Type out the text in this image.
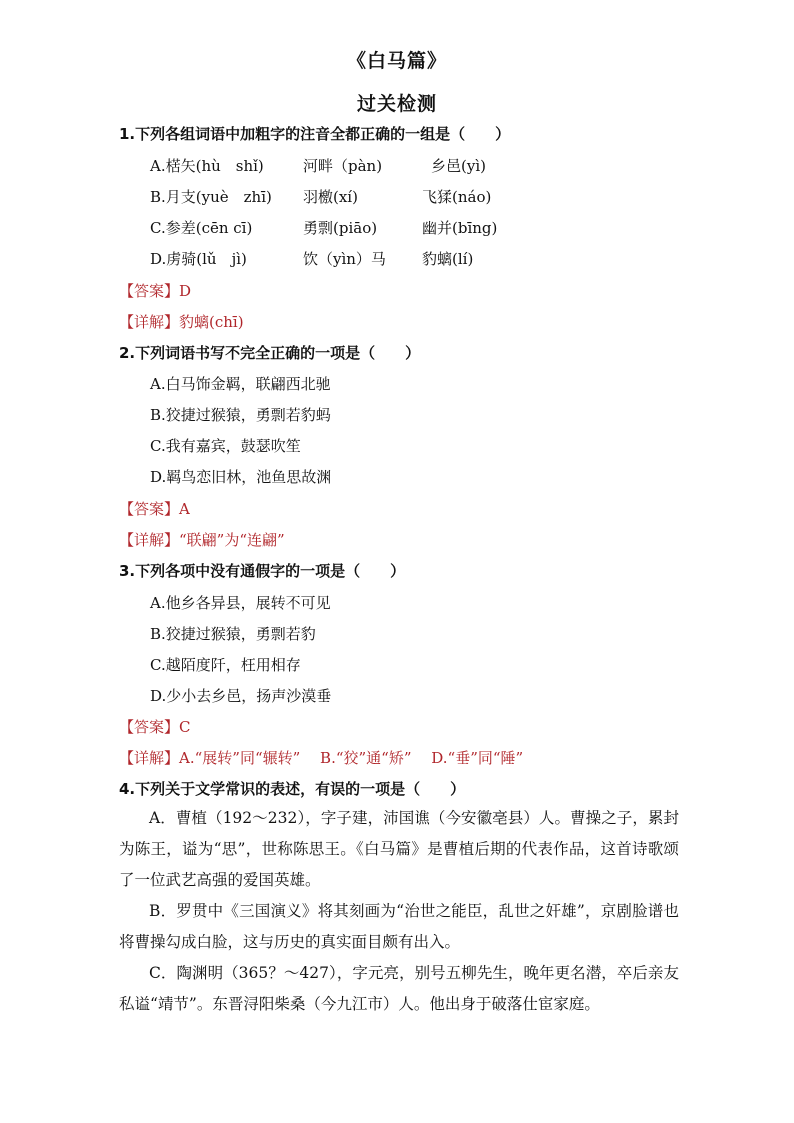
《白马篇》
过关检测
1.下列各组词语中加粗字的注音全都正确的一组是（　　）
A.楛矢(hù　shǐ)	河畔（pàn)	乡邑(yì)
B.月支(yuè　zhī) 羽檄(xí)	飞猱(náo)
C.参差(cēn cī)	勇剽(piāo)	幽并(bīng)
D.虏骑(lǔ　jì)	饮（yìn）马 豹螭(lí)
【答案】D
【详解】豹螭(chī)
2.下列词语书写不完全正确的一项是（　　）
A.白马饰金羁，联翩西北驰
B.狡捷过猴猿，勇剽若豹蚂
C.我有嘉宾，鼓瑟吹笙
D.羁鸟恋旧林，池鱼思故渊
【答案】A
【详解】“联翩”为“连翩”
3.下列各项中没有通假字的一项是（　　）
A.他乡各异县，展转不可见
B.狡捷过猴猿，勇剽若豹
C.越陌度阡，枉用相存
D.少小去乡邑，扬声沙漠垂
【答案】C
【详解】A.“展转”同“辗转”　 B.“狡”通“矫”　 D.“垂”同“陲”
4.下列关于文学常识的表述，有误的一项是（　　）

A．曹植（192～232），字子建，沛国谯（今安徽亳县）人。曹操之子，累封为陈王，谥为“思”，世称陈思王。《白马篇》是曹植后期的代表作品，这首诗歌颂了一位武艺高强的爱国英雄。

B．罗贯中《三国演义》将其刻画为“治世之能臣，乱世之奸雄”，京剧脸谱也将曹操勾成白脸，这与历史的真实面目颇有出入。

C．陶渊明（365？～427），字元亮，别号五柳先生，晚年更名潜，卒后亲友私谥“靖节”。东晋浔阳柴桑（今九江市）人。他出身于破落仕宦家庭。
